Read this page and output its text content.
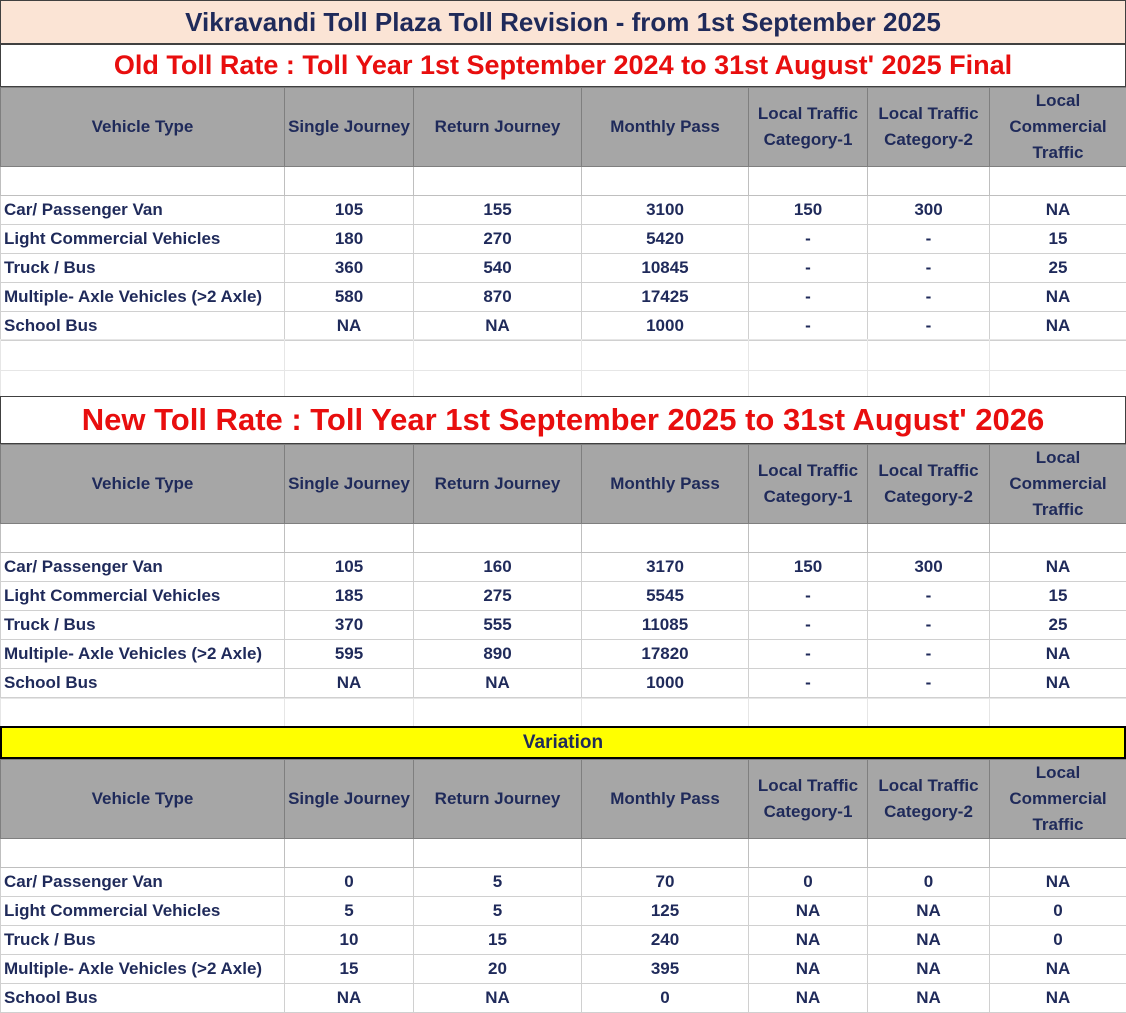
Vikravandi Toll Plaza Toll Revision - from 1st September 2025
Old Toll Rate : Toll Year 1st September 2024 to 31st August' 2025 Final
Vehicle Type	Single Journey	Return Journey	Monthly Pass	Local Traffic Category-1	Local Traffic Category-2	Local Commercial Traffic

Car/ Passenger Van	105	155	3100	150	300	NA
Light Commercial Vehicles	180	270	5420	-	-	15
Truck / Bus	360	540	10845	-	-	25
Multiple- Axle Vehicles (>2 Axle)	580	870	17425	-	-	NA
School Bus	NA	NA	1000	-	-	NA

New Toll Rate : Toll Year 1st September 2025 to 31st August' 2026
Vehicle Type	Single Journey	Return Journey	Monthly Pass	Local Traffic Category-1	Local Traffic Category-2	Local Commercial Traffic

Car/ Passenger Van	105	160	3170	150	300	NA
Light Commercial Vehicles	185	275	5545	-	-	15
Truck / Bus	370	555	11085	-	-	25
Multiple- Axle Vehicles (>2 Axle)	595	890	17820	-	-	NA
School Bus	NA	NA	1000	-	-	NA

Variation
Vehicle Type	Single Journey	Return Journey	Monthly Pass	Local Traffic Category-1	Local Traffic Category-2	Local Commercial Traffic

Car/ Passenger Van	0	5	70	0	0	NA
Light Commercial Vehicles	5	5	125	NA	NA	0
Truck / Bus	10	15	240	NA	NA	0
Multiple- Axle Vehicles (>2 Axle)	15	20	395	NA	NA	NA
School Bus	NA	NA	0	NA	NA	NA
